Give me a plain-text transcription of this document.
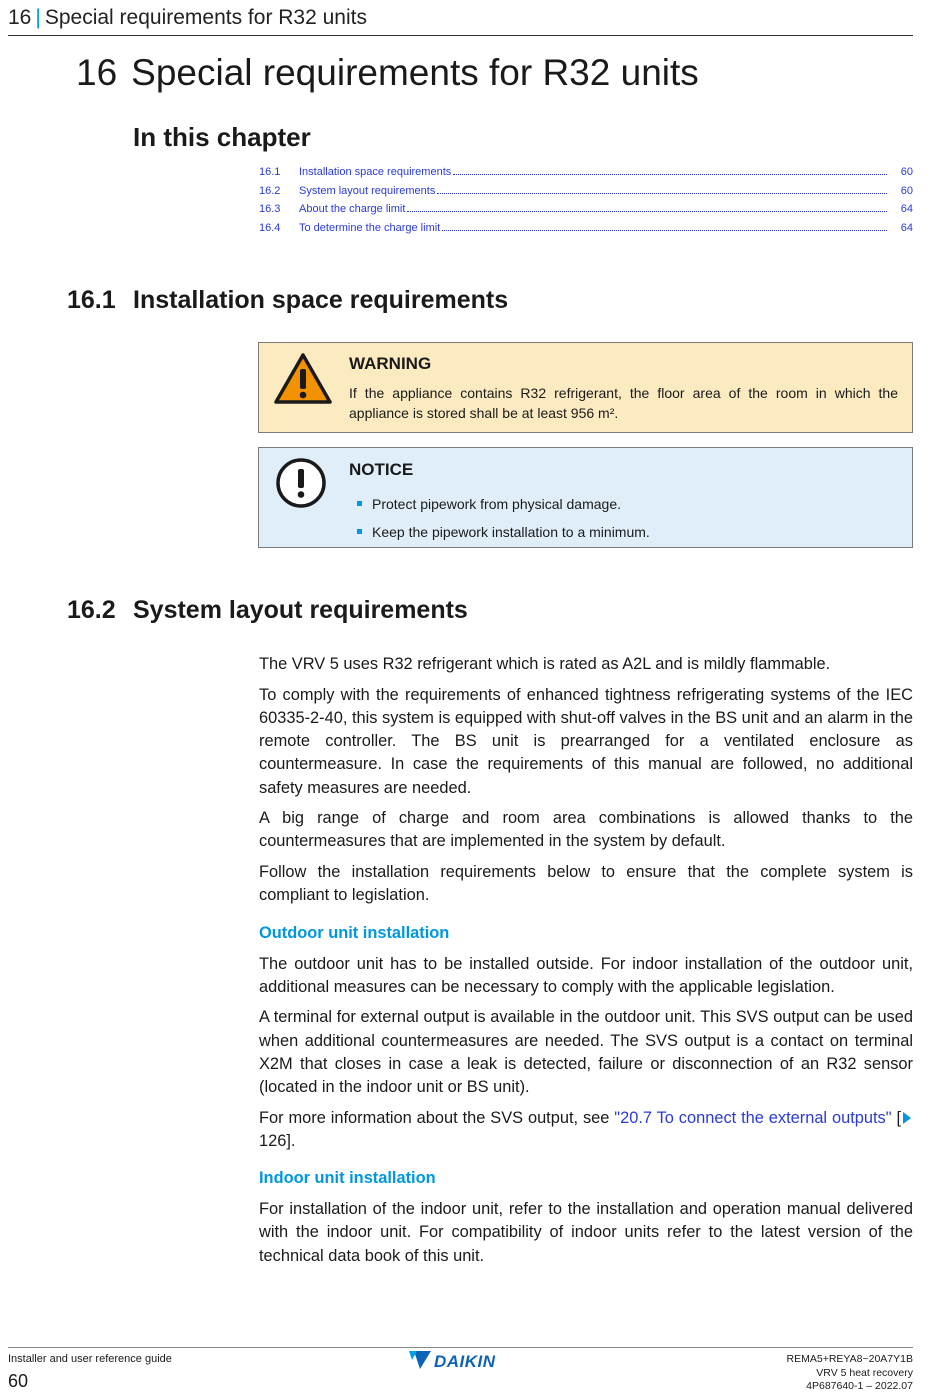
16 | Special requirements for R32 units
16 Special requirements for R32 units
In this chapter
16.1	Installation space requirements	60
16.2	System layout requirements	60
16.3	About the charge limit	64
16.4	To determine the charge limit	64
16.1 Installation space requirements
WARNING
If the appliance contains R32 refrigerant, the floor area of the room in which the appliance is stored shall be at least 956 m².
NOTICE
Protect pipework from physical damage.
Keep the pipework installation to a minimum.
16.2 System layout requirements

The VRV 5 uses R32 refrigerant which is rated as A2L and is mildly flammable.

To comply with the requirements of enhanced tightness refrigerating systems of the IEC 60335-2-40, this system is equipped with shut-off valves in the BS unit and an alarm in the remote controller. The BS unit is prearranged for a ventilated enclosure as countermeasure. In case the requirements of this manual are followed, no additional safety measures are needed.

A big range of charge and room area combinations is allowed thanks to the countermeasures that are implemented in the system by default.

Follow the installation requirements below to ensure that the complete system is compliant to legislation.

Outdoor unit installation

The outdoor unit has to be installed outside. For indoor installation of the outdoor unit, additional measures can be necessary to comply with the applicable legislation.

A terminal for external output is available in the outdoor unit. This SVS output can be used when additional countermeasures are needed. The SVS output is a contact on terminal X2M that closes in case a leak is detected, failure or disconnection of an R32 sensor (located in the indoor unit or BS unit).

For more information about the SVS output, see "20.7 To connect the external outputs" [126].

Indoor unit installation

For installation of the indoor unit, refer to the installation and operation manual delivered with the indoor unit. For compatibility of indoor units refer to the latest version of the technical data book of this unit.

Installer and user reference guide
60
DAIKIN	REMA5+REYA8~20A7Y1B
VRV 5 heat recovery
4P687640-1 – 2022.07
